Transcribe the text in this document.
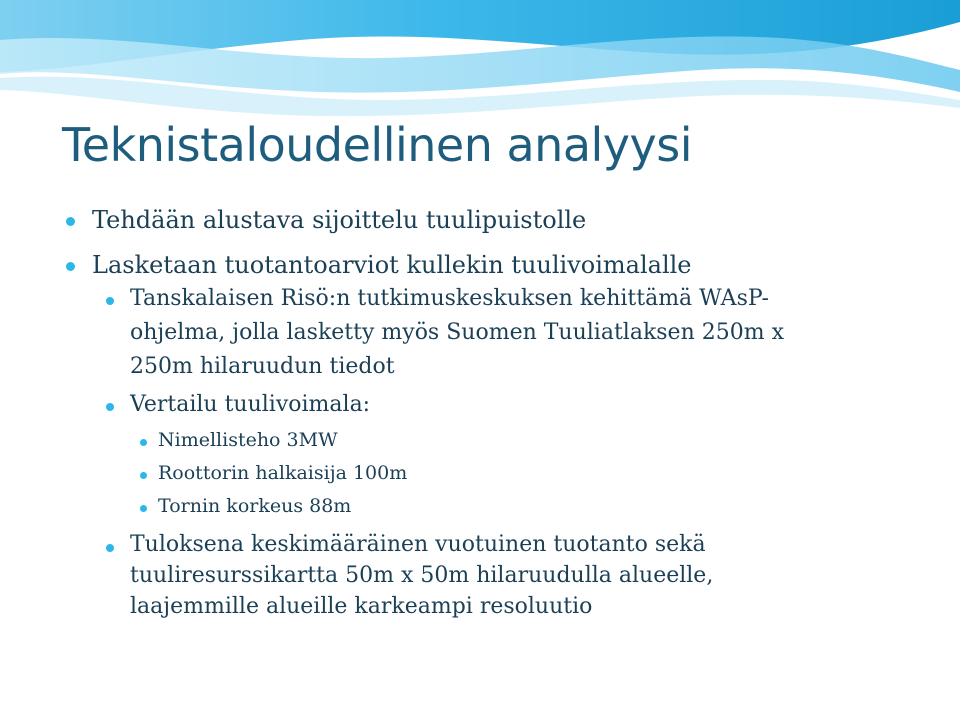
Teknistaloudellinen analyysi
Tehdään alustava sijoittelu tuulipuistolle
Lasketaan tuotantoarviot kullekin tuulivoimalalle
Tanskalaisen Risö:n tutkimuskeskuksen kehittämä WAsP-
ohjelma, jolla lasketty myös Suomen Tuuliatlaksen 250m x
250m hilaruudun tiedot
Vertailu tuulivoimala:
Nimellisteho 3MW
Roottorin halkaisija 100m
Tornin korkeus 88m
Tuloksena keskimääräinen vuotuinen tuotanto sekä
tuuliresurssikartta 50m x 50m hilaruudulla alueelle,
laajemmille alueille karkeampi resoluutio
